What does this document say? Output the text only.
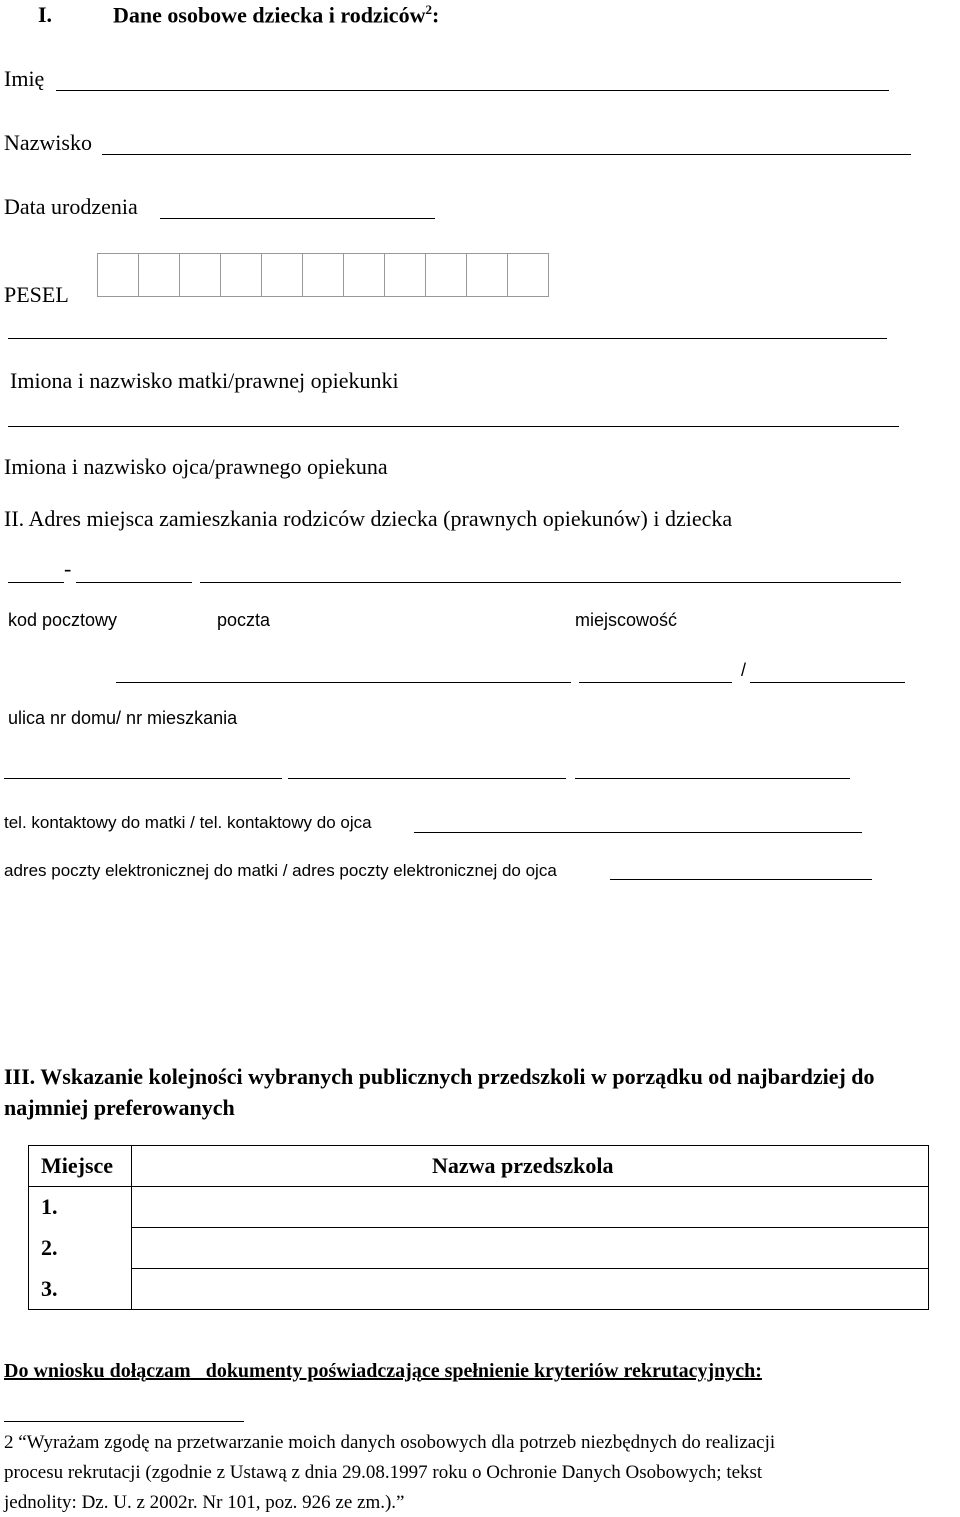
I.	Dane osobowe dziecka i rodziców$^2$:
Imię
Nazwisko
Data urodzenia
PESEL
Imiona i nazwisko matki/prawnej opiekunki
Imiona i nazwisko ojca/prawnego opiekuna
II. Adres miejsca zamieszkania rodziców dziecka (prawnych opiekunów) i dziecka
-
kod pocztowy	poczta	miejscowość
/
ulica nr domu/ nr mieszkania
tel. kontaktowy do matki / tel. kontaktowy do ojca
adres poczty elektronicznej do matki / adres poczty elektronicznej do ojca
III. Wskazanie kolejności wybranych publicznych przedszkoli w porządku od najbardziej do
najmniej preferowanych
Miejsce	Nazwa przedszkola
1.	
2.	
3.	
Do wniosku dołączam   dokumenty poświadczające spełnienie kryteriów rekrutacyjnych:
2 “Wyrażam zgodę na przetwarzanie moich danych osobowych dla potrzeb niezbędnych do realizacji
procesu rekrutacji (zgodnie z Ustawą z dnia 29.08.1997 roku o Ochronie Danych Osobowych; tekst
jednolity: Dz. U. z 2002r. Nr 101, poz. 926 ze zm.).”
